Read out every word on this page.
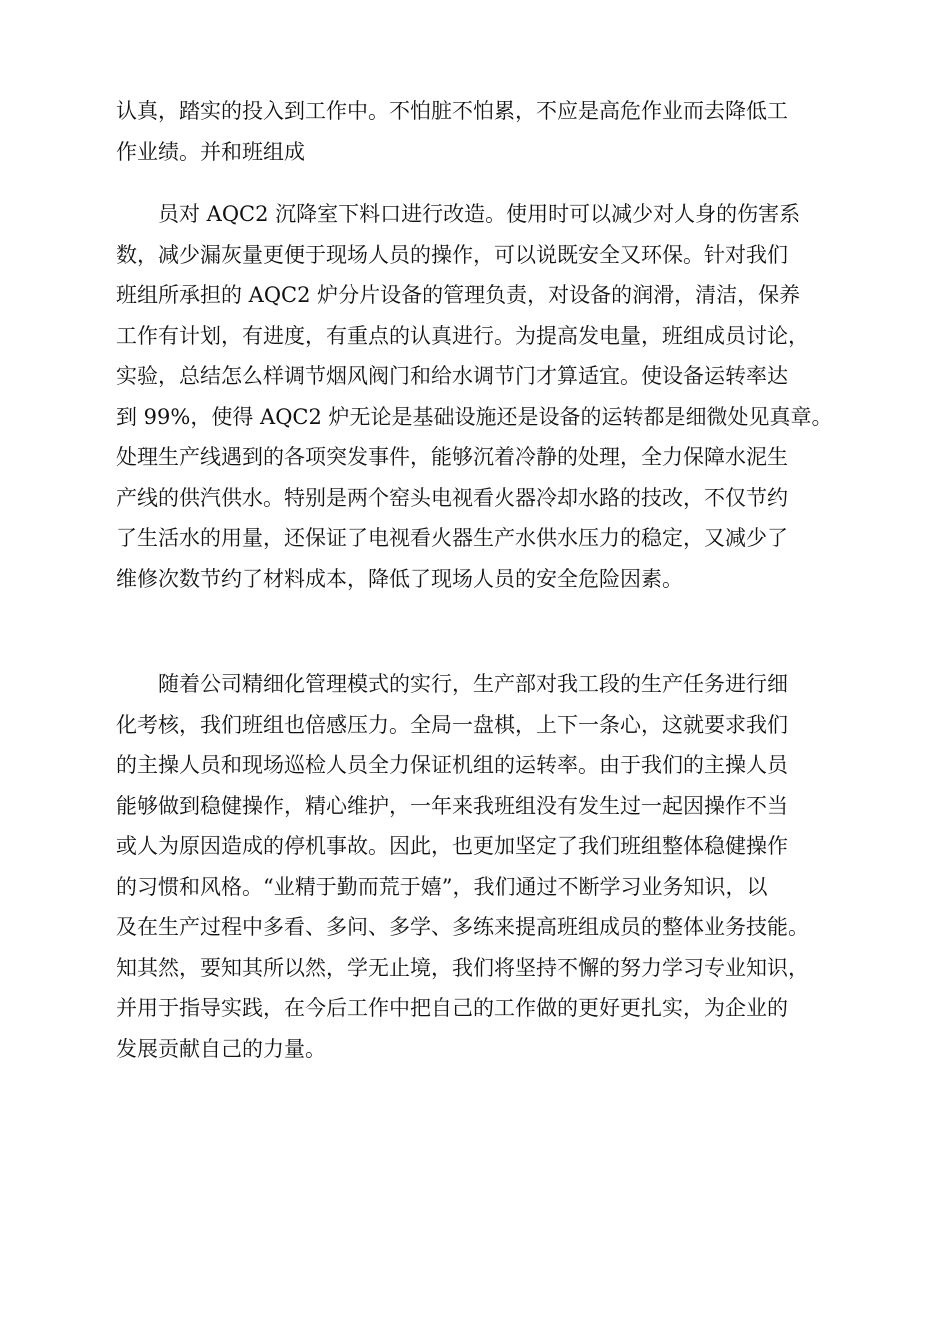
认真，踏实的投入到工作中。不怕脏不怕累，不应是高危作业而去降低工
作业绩。并和班组成
　　员对 AQC2 沉降室下料口进行改造。使用时可以减少对人身的伤害系
数，减少漏灰量更便于现场人员的操作，可以说既安全又环保。针对我们
班组所承担的 AQC2 炉分片设备的管理负责，对设备的润滑，清洁，保养
工作有计划，有进度，有重点的认真进行。为提高发电量，班组成员讨论，
实验，总结怎么样调节烟风阀门和给水调节门才算适宜。使设备运转率达
到 99%，使得 AQC2 炉无论是基础设施还是设备的运转都是细微处见真章。
处理生产线遇到的各项突发事件，能够沉着冷静的处理，全力保障水泥生
产线的供汽供水。特别是两个窑头电视看火器冷却水路的技改，不仅节约
了生活水的用量，还保证了电视看火器生产水供水压力的稳定，又减少了
维修次数节约了材料成本，降低了现场人员的安全危险因素。
　　随着公司精细化管理模式的实行，生产部对我工段的生产任务进行细
化考核，我们班组也倍感压力。全局一盘棋，上下一条心，这就要求我们
的主操人员和现场巡检人员全力保证机组的运转率。由于我们的主操人员
能够做到稳健操作，精心维护，一年来我班组没有发生过一起因操作不当
或人为原因造成的停机事故。因此，也更加坚定了我们班组整体稳健操作
的习惯和风格。“业精于勤而荒于嬉”，我们通过不断学习业务知识，以
及在生产过程中多看、多问、多学、多练来提高班组成员的整体业务技能。
知其然，要知其所以然，学无止境，我们将坚持不懈的努力学习专业知识，
并用于指导实践，在今后工作中把自己的工作做的更好更扎实，为企业的
发展贡献自己的力量。
